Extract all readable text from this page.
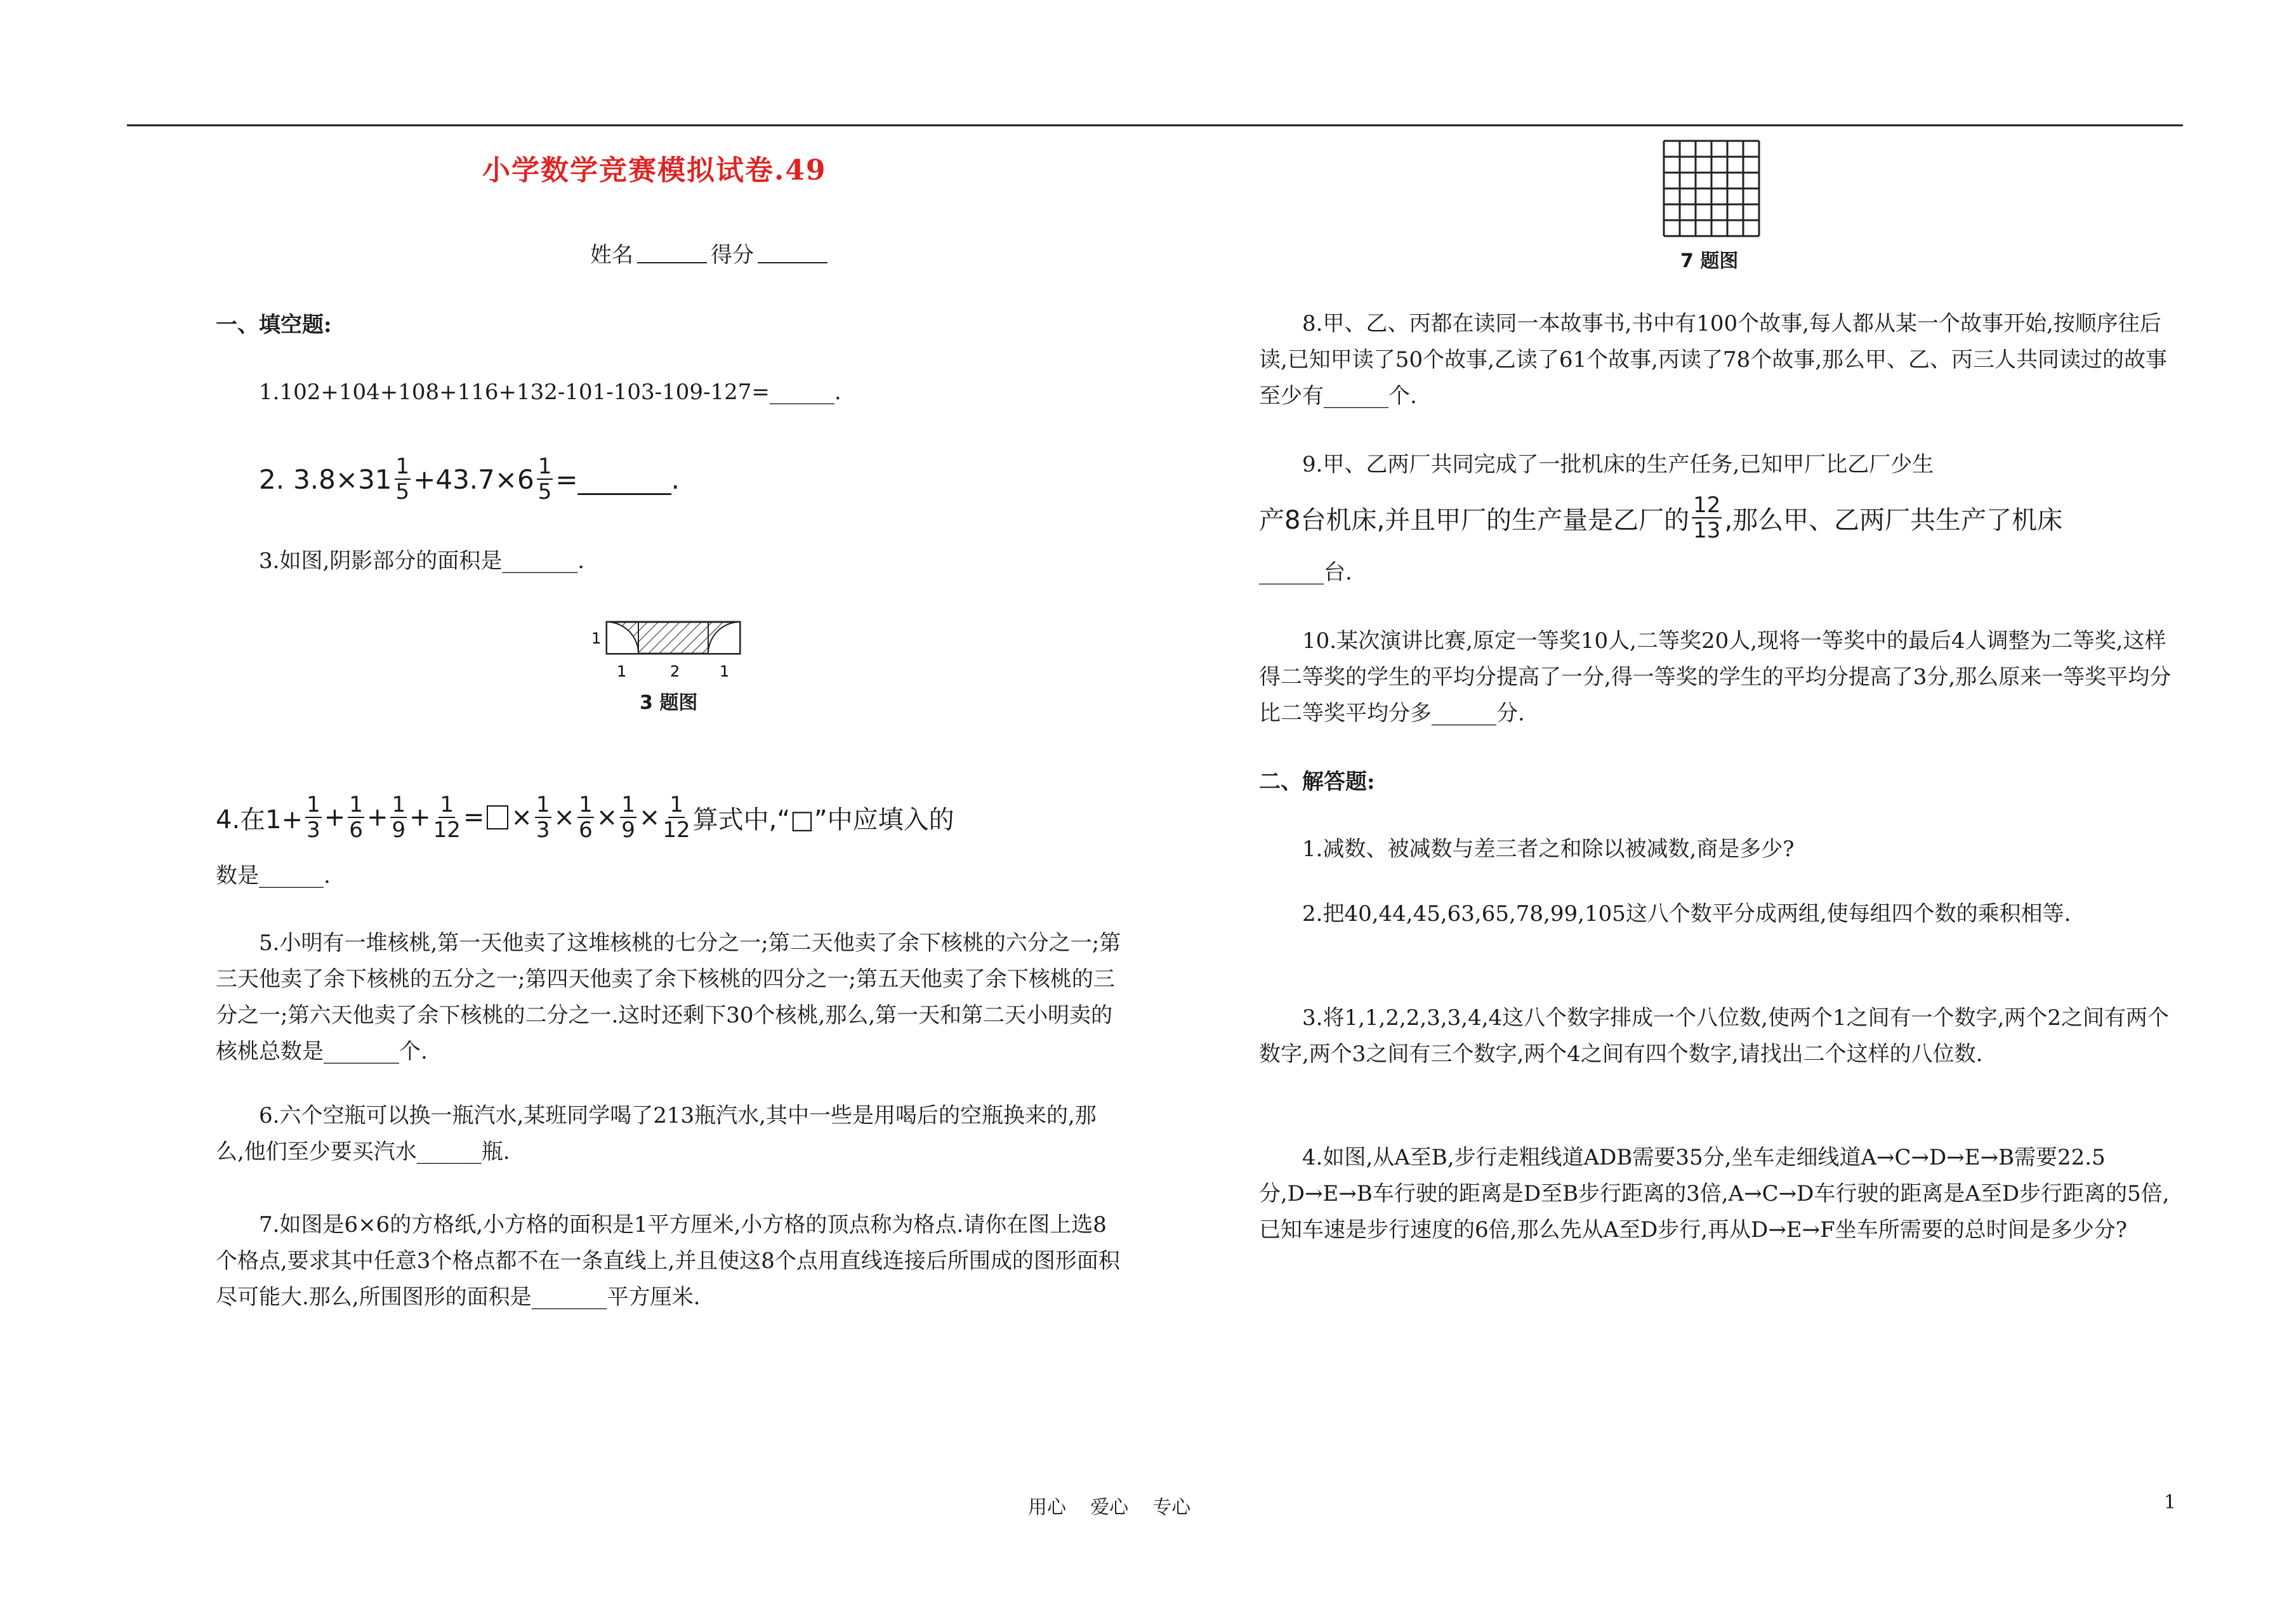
小学数学竞赛模拟试卷.49
姓名	得分
一、填空题:
1.102+104+108+116+132-101-103-109-127=______.
2. $3.8\times 31 \frac{1}{5} +43.7\times 6 \frac{1}{5}$ =_______.
3.如图,阴影部分的面积是_______.
1
1	2	1
3 题图
4.在$1+ \frac{1}{3} + \frac{1}{6} + \frac{1}{9} + \frac{1}{12}$ = × $\frac{1}{3} \times \frac{1}{6} \times \frac{1}{9} \times \frac{1}{12}$ 算式中,“□”中应填入的
数是______.
5.小明有一堆核桃,第一天他卖了这堆核桃的七分之一;第二天他卖了余下核桃的六分之一;第三天他卖了余下核桃的五分之一;第四天他卖了余下核桃的四分之一;第五天他卖了余下核桃的三分之一;第六天他卖了余下核桃的二分之一.这时还剩下30个核桃,那么,第一天和第二天小明卖的核桃总数是_______个.
6.六个空瓶可以换一瓶汽水,某班同学喝了213瓶汽水,其中一些是用喝后的空瓶换来的,那么,他们至少要买汽水______瓶.
7.如图是6×6的方格纸,小方格的面积是1平方厘米,小方格的顶点称为格点.请你在图上选8个格点,要求其中任意3个格点都不在一条直线上,并且使这8个点用直线连接后所围成的图形面积尽可能大.那么,所围图形的面积是_______平方厘米.
7 题图
8.甲、乙、丙都在读同一本故事书,书中有100个故事,每人都从某一个故事开始,按顺序往后读,已知甲读了50个故事,乙读了61个故事,丙读了78个故事,那么甲、乙、丙三人共同读过的故事至少有______个.
9.甲、乙两厂共同完成了一批机床的生产任务,已知甲厂比乙厂少生
产8台机床,并且甲厂的生产量是乙厂的 $\frac{12}{13}$ ,那么甲、乙两厂共生产了机床
______台.
10.某次演讲比赛,原定一等奖10人,二等奖20人,现将一等奖中的最后4人调整为二等奖,这样得二等奖的学生的平均分提高了一分,得一等奖的学生的平均分提高了3分,那么原来一等奖平均分比二等奖平均分多______分.
二、解答题:
1.减数、被减数与差三者之和除以被减数,商是多少?
2.把40,44,45,63,65,78,99,105这八个数平分成两组,使每组四个数的乘积相等.
3.将1,1,2,2,3,3,4,4这八个数字排成一个八位数,使两个1之间有一个数字,两个2之间有两个数字,两个3之间有三个数字,两个4之间有四个数字,请找出二个这样的八位数.
4.如图,从A至B,步行走粗线道ADB需要35分,坐车走细线道A→C→D→E→B需要22.5分,D→E→B车行驶的距离是D至B步行距离的3倍,A→C→D车行驶的距离是A至D步行距离的5倍,已知车速是步行速度的6倍,那么先从A至D步行,再从D→E→F坐车所需要的总时间是多少分?
用心    爱心    专心	1
